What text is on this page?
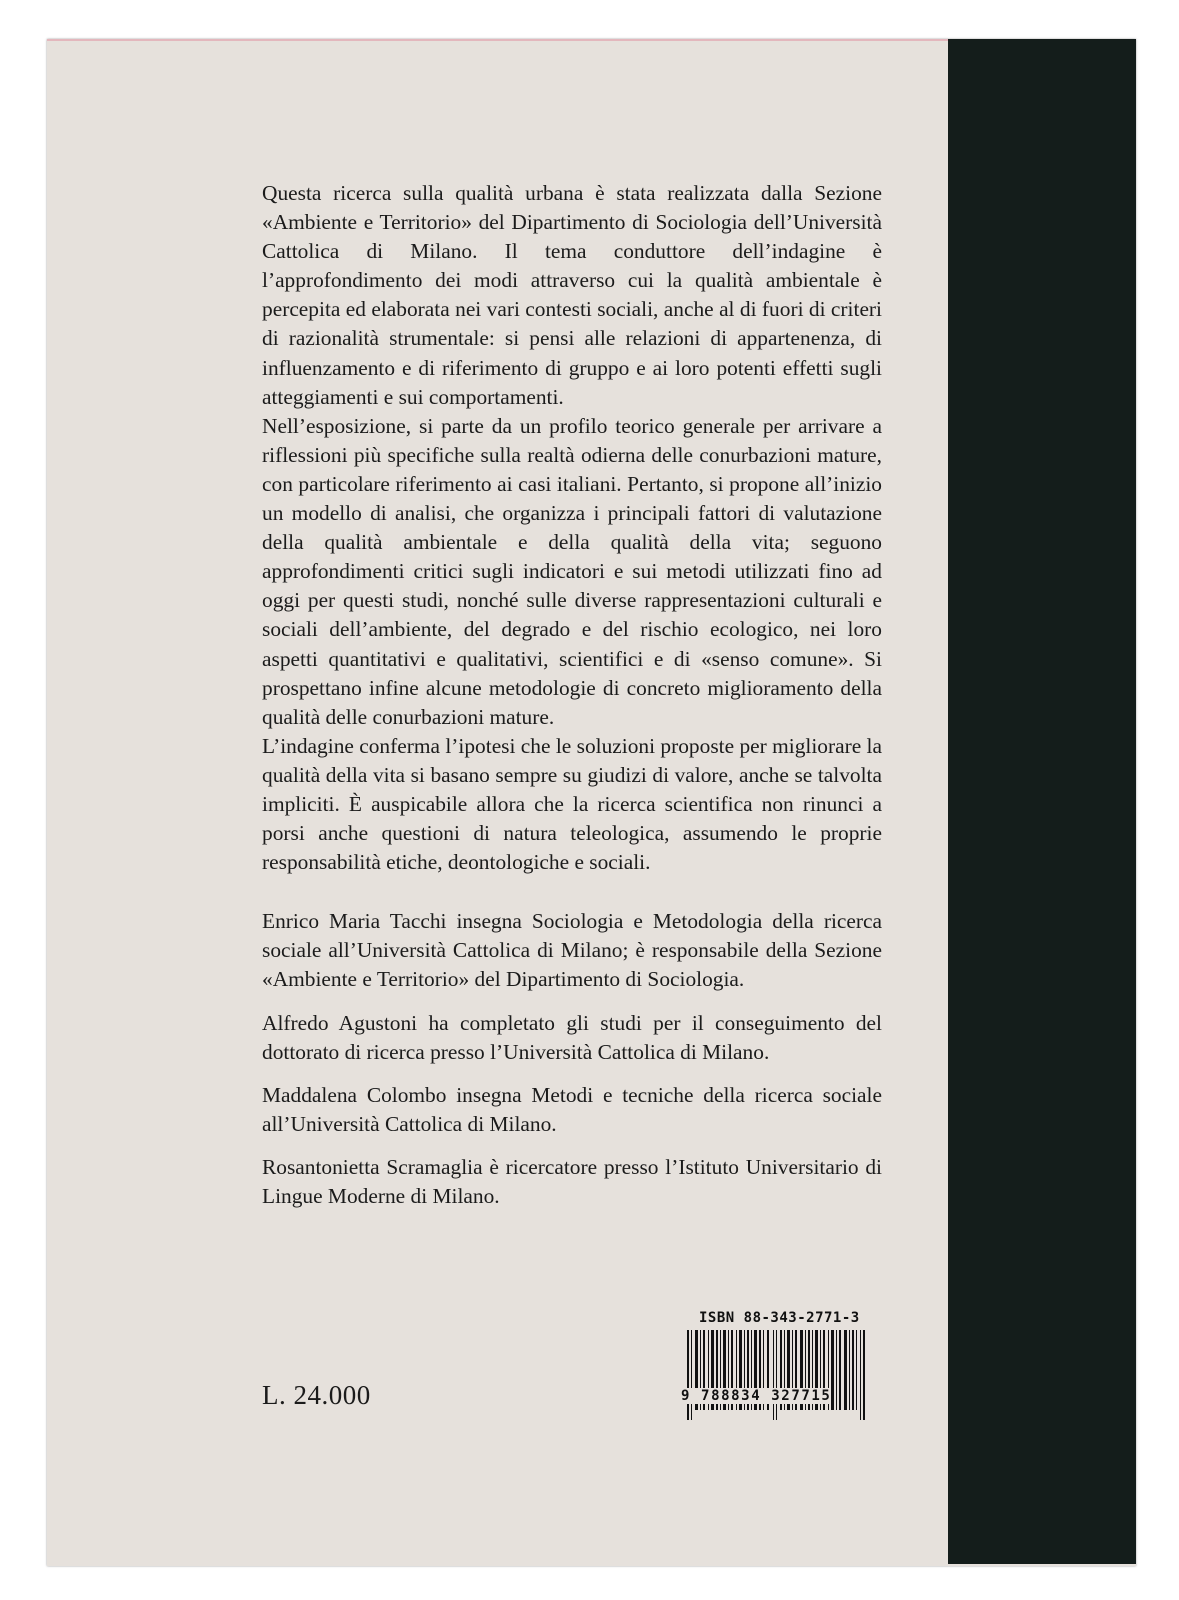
Questa ricerca sulla qualità urbana è stata realizzata dalla Sezione «Ambiente e Territorio» del Dipartimento di Sociologia dell’Università Cattolica di Milano. Il tema conduttore dell’indagine è l’approfondimento dei modi attraverso cui la qualità ambientale è percepita ed elaborata nei vari contesti sociali, anche al di fuori di criteri di razionalità strumentale: si pensi alle relazioni di appartenenza, di influenzamento e di riferimento di gruppo e ai loro potenti effetti sugli atteggiamenti e sui comportamenti.

Nell’esposizione, si parte da un profilo teorico generale per arrivare a riflessioni più specifiche sulla realtà odierna delle conurbazioni mature, con particolare riferimento ai casi italiani. Pertanto, si propone all’inizio un modello di analisi, che organizza i principali fattori di valutazione della qualità ambientale e della qualità della vita; seguono approfondimenti critici sugli indicatori e sui metodi utilizzati fino ad oggi per questi studi, nonché sulle diverse rappresentazioni culturali e sociali dell’ambiente, del degrado e del rischio ecologico, nei loro aspetti quantitativi e qualitativi, scientifici e di «senso comune». Si prospettano infine alcune metodologie di concreto miglioramento della qualità delle conurbazioni mature.

L’indagine conferma l’ipotesi che le soluzioni proposte per migliorare la qualità della vita si basano sempre su giudizi di valore, anche se talvolta impliciti. È auspicabile allora che la ricerca scientifica non rinunci a porsi anche questioni di natura teleologica, assumendo le proprie responsabilità etiche, deontologiche e sociali.

Enrico Maria Tacchi insegna Sociologia e Metodologia della ricerca sociale all’Università Cattolica di Milano; è responsabile della Sezione «Ambiente e Territorio» del Dipartimento di Sociologia.

Alfredo Agustoni ha completato gli studi per il conseguimento del dottorato di ricerca presso l’Università Cattolica di Milano.

Maddalena Colombo insegna Metodi e tecniche della ricerca sociale all’Università Cattolica di Milano.

Rosantonietta Scramaglia è ricercatore presso l’Istituto Universitario di Lingue Moderne di Milano.

L. 24.000
ISBN 88-343-2771-3
9 788834 327715
